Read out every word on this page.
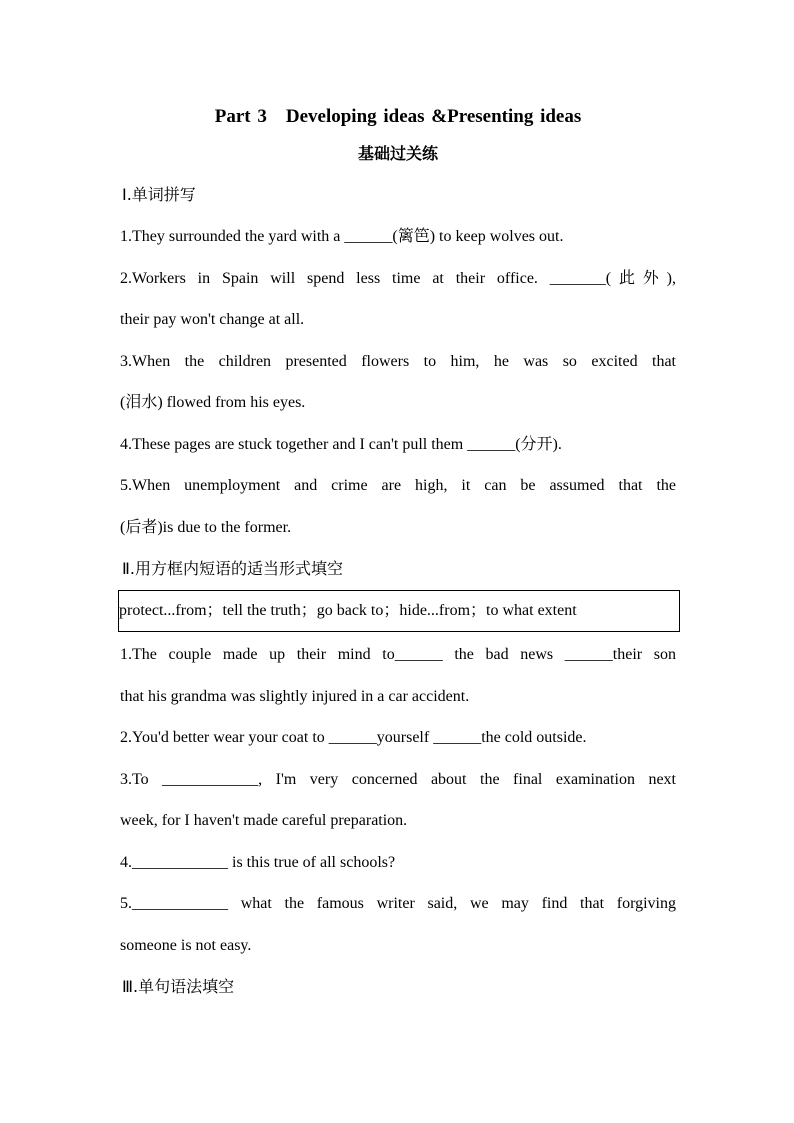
Part 3　Developing ideas &Presenting ideas
基础过关练
Ⅰ.单词拼写
1.They surrounded the yard with a ______(篱笆) to keep wolves out.
2.Workers in Spain will spend less time at their office. _______(此外),
their pay won't change at all.
3.When the children presented flowers to him, he was so excited that
(泪水) flowed from his eyes.
4.These pages are stuck together and I can't pull them ______(分开).
5.When unemployment and crime are high, it can be assumed that the
(后者)is due to the former.
Ⅱ.用方框内短语的适当形式填空
protect...from；tell the truth；go back to；hide...from；to what extent
1.The couple made up their mind to______ the bad news ______their son
that his grandma was slightly injured in a car accident.
2.You'd better wear your coat to ______yourself ______the cold outside.
3.To ____________, I'm very concerned about the final examination next
week, for I haven't made careful preparation.
4.____________ is this true of all schools?
5.____________ what the famous writer said, we may find that forgiving
someone is not easy.
Ⅲ.单句语法填空
